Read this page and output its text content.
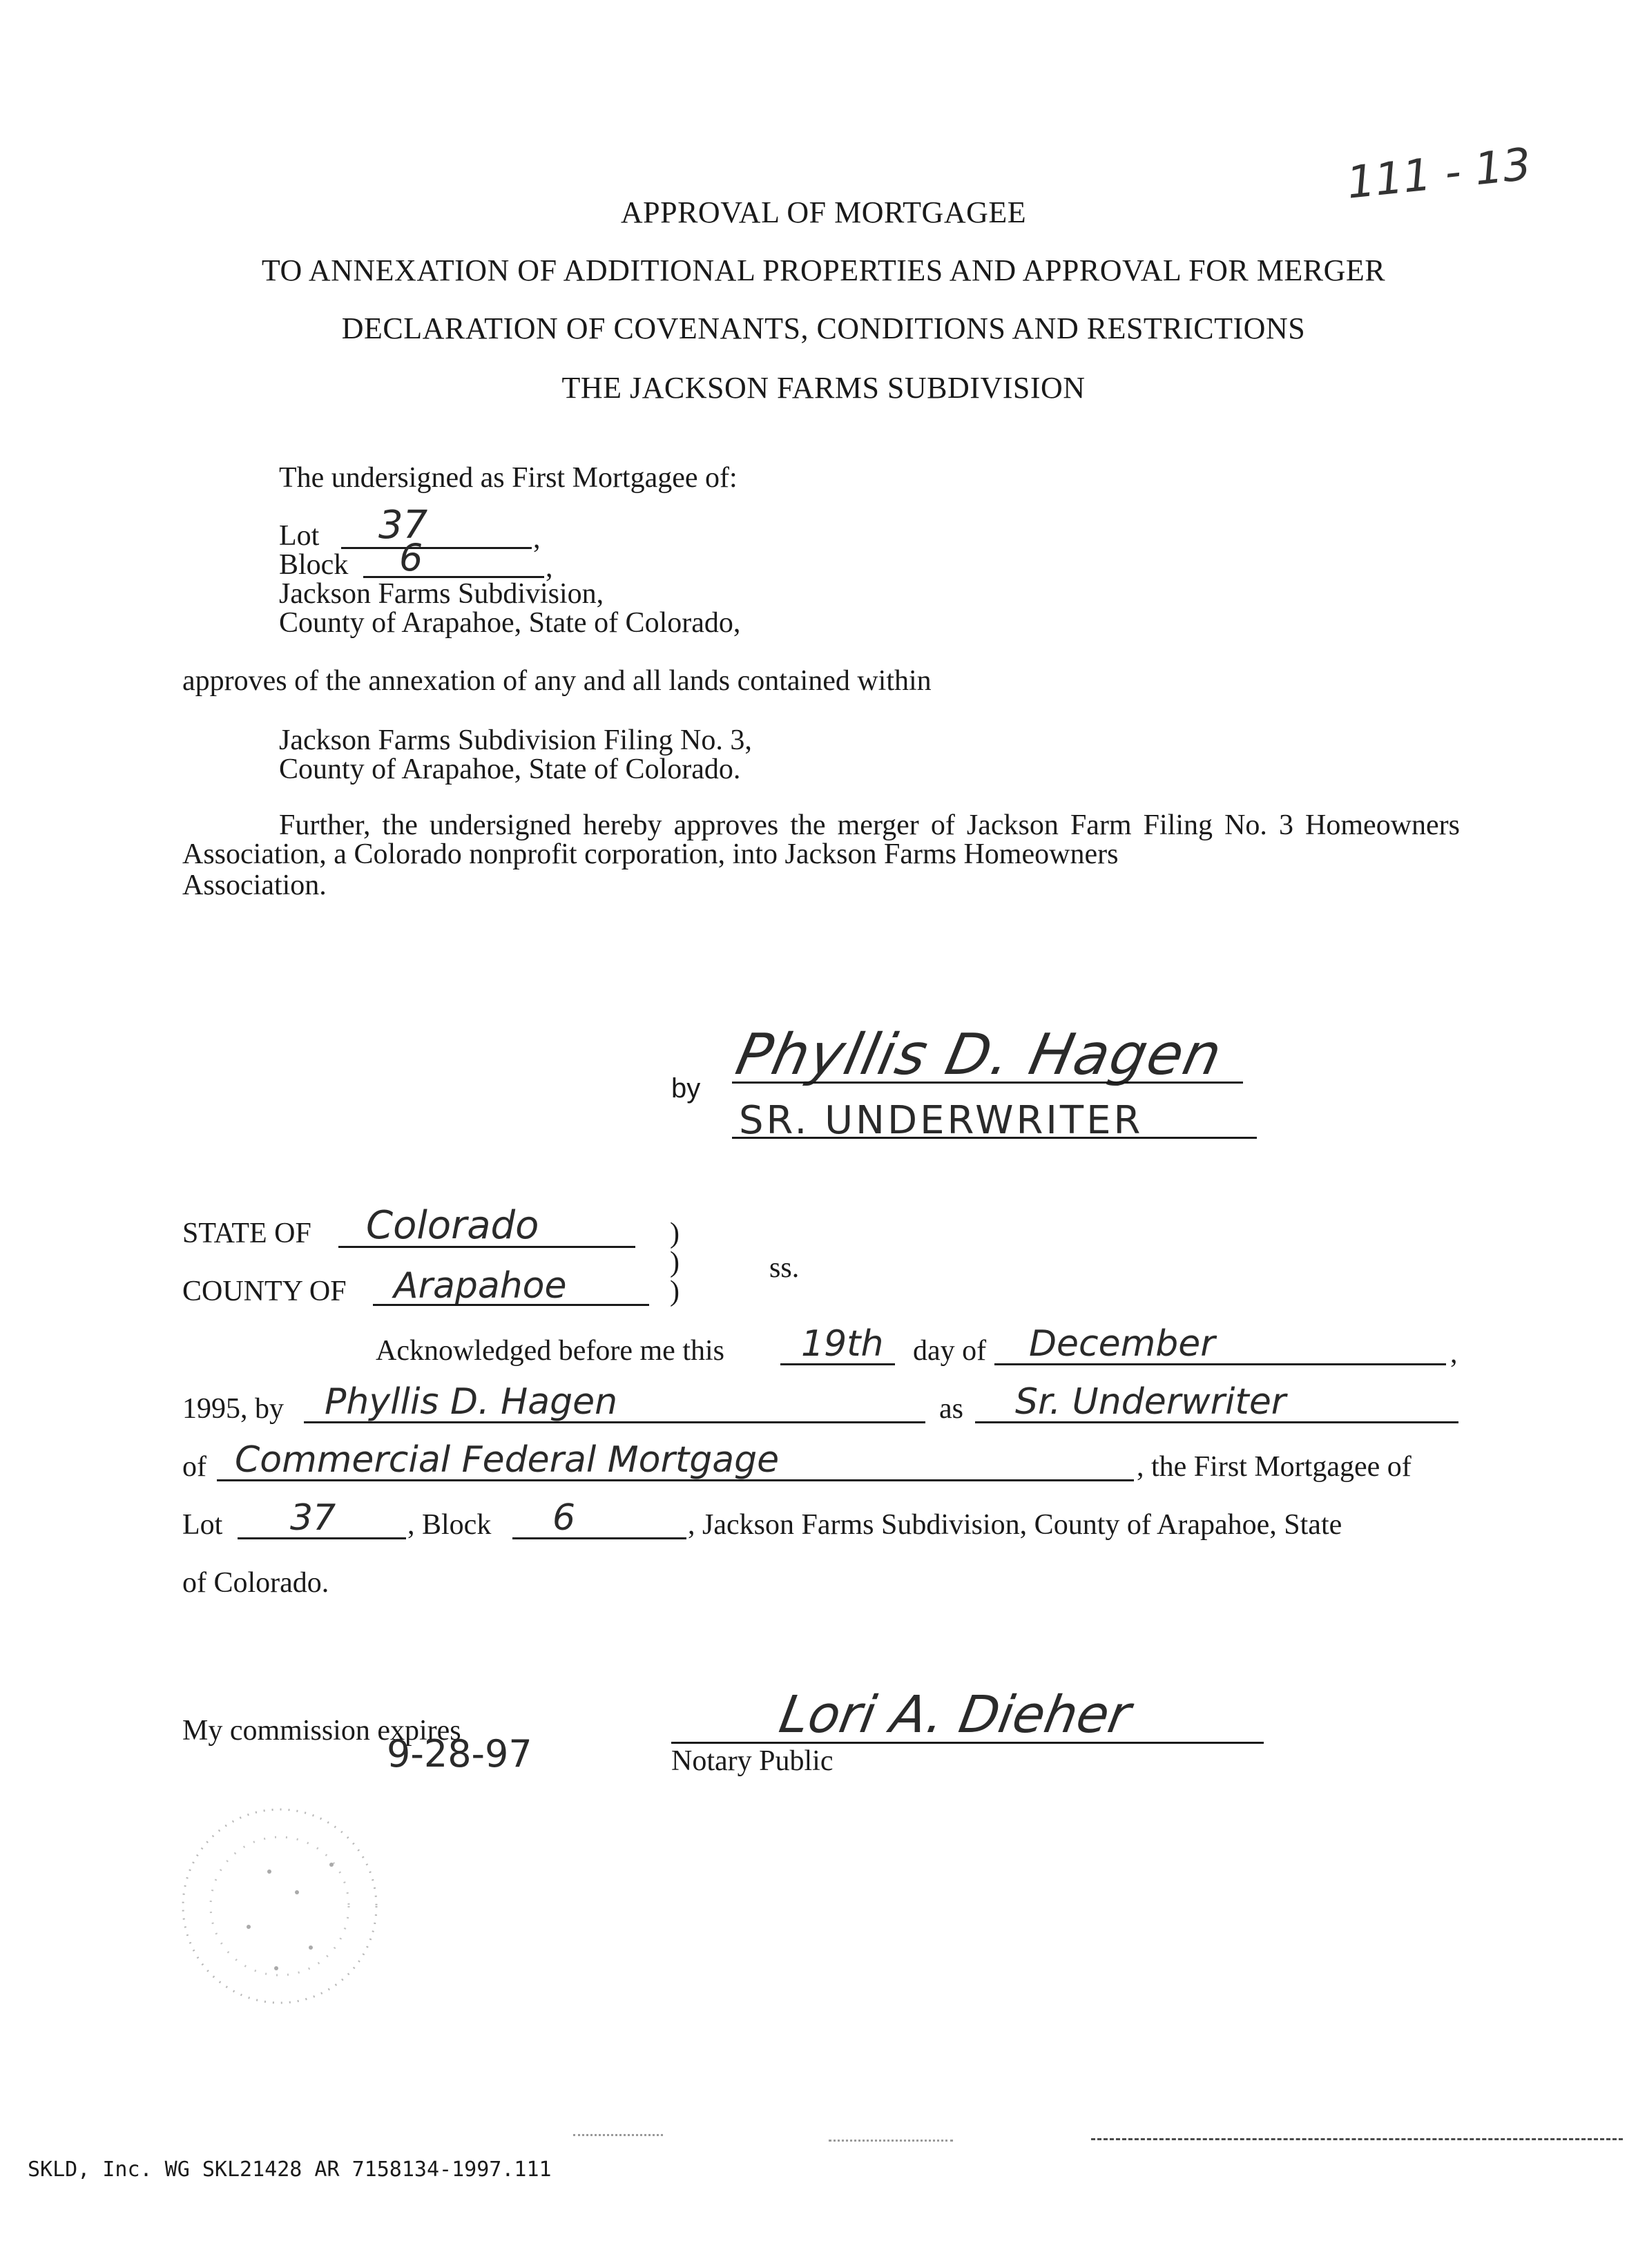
111 - 13
APPROVAL OF MORTGAGEE
TO ANNEXATION OF ADDITIONAL PROPERTIES AND APPROVAL FOR MERGER
DECLARATION OF COVENANTS, CONDITIONS AND RESTRICTIONS
THE JACKSON FARMS SUBDIVISION
The undersigned as First Mortgagee of:
Lot 37	,
Block 6	,
Jackson Farms Subdivision,
County of Arapahoe, State of Colorado,
approves of the annexation of any and all lands contained within
Jackson Farms Subdivision Filing No. 3,
County of Arapahoe, State of Colorado.
Further, the undersigned hereby approves the merger of Jackson Farm Filing No. 3 Homeowners Association, a Colorado nonprofit corporation, into Jackson Farms Homeowners
Association.
by
Phyllis D. Hagen
SR. UNDERWRITER
STATE OF Colorado	)
)	ss.
)
COUNTY OF Arapahoe
Acknowledged before me this 19th day of December	,
1995, by Phyllis D. Hagen	as Sr. Underwriter
of Commercial Federal Mortgage	, the First Mortgagee of
Lot 37 , Block 6	, Jackson Farms Subdivision, County of Arapahoe, State
of Colorado.
My commission expires
9-28-97
Lori A. Dieher
Notary Public
SKLD, Inc. WG SKL21428 AR 7158134-1997.111
